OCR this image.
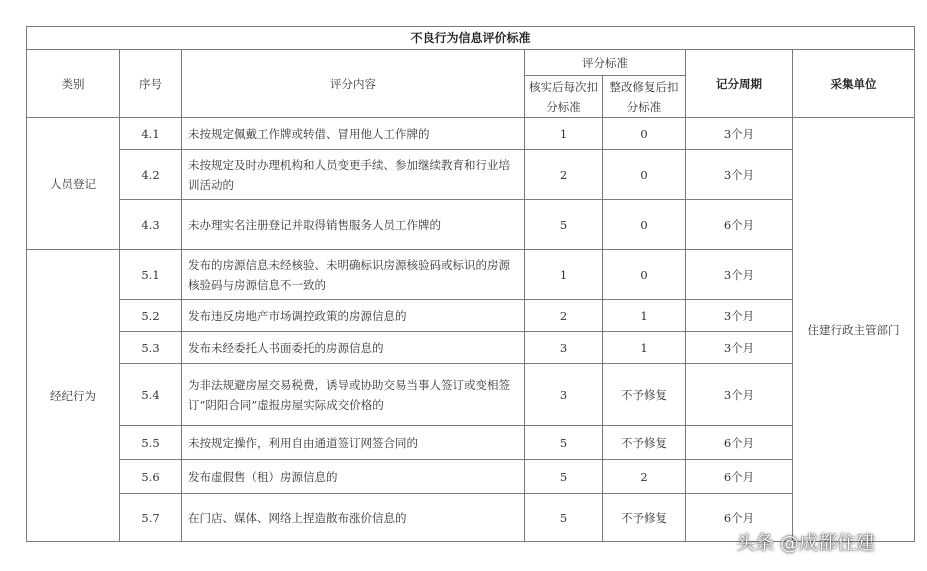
不良行为信息评价标准						
类别	序号	评分内容	评分标准		记分周期	采集单位
			核实后每次扣分标准	整改修复后扣分标准		
人员登记	4.1	未按规定佩戴工作牌或转借、冒用他人工作牌的	1	0	3个月	住建行政主管部门
	4.2	未按规定及时办理机构和人员变更手续、参加继续教育和行业培训活动的	2	0	3个月	
	4.3	未办理实名注册登记并取得销售服务人员工作牌的	5	0	6个月	
经纪行为	5.1	发布的房源信息未经核验、未明确标识房源核验码或标识的房源核验码与房源信息不一致的	1	0	3个月	
	5.2	发布违反房地产市场调控政策的房源信息的	2	1	3个月	
	5.3	发布未经委托人书面委托的房源信息的	3	1	3个月	
	5.4	为非法规避房屋交易税费，诱导或协助交易当事人签订或变相签订“阴阳合同”虚报房屋实际成交价格的	3	不予修复	3个月	
	5.5	未按规定操作，利用自由通道签订网签合同的	5	不予修复	6个月	
	5.6	发布虚假售（租）房源信息的	5	2	6个月	
	5.7	在门店、媒体、网络上捏造散布涨价信息的	5	不予修复	6个月	
头条 @成都住建
